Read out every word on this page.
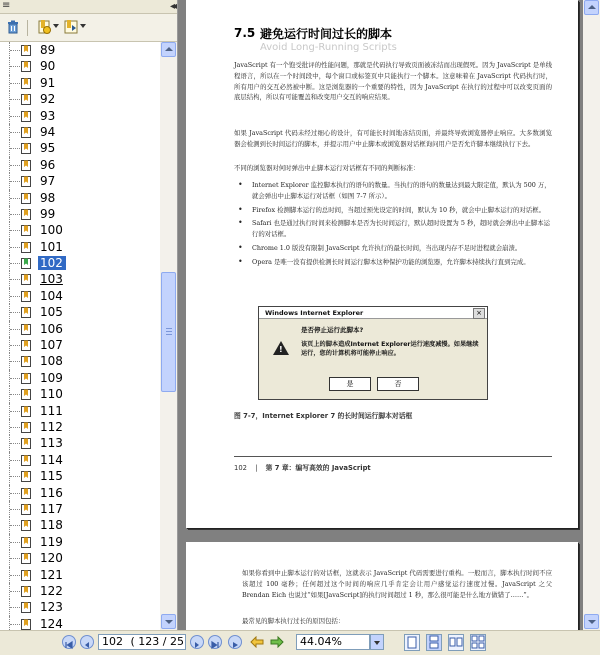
≡	◂◂
89
90
91
92
93
94
95
96
97
98
99
100
101
102
103
104
105
106
107
108
109
110
111
112
113
114
115
116
117
118
119
120
121
122
123
124
7.5 避免运行时间过长的脚本
Avoid Long-Running Scripts
JavaScript 有一个饱受批评的性能问题，那就是代码执行导致页面被冻结而出现假死。因为 JavaScript 是单线程语言，所以在一个时间段中，每个窗口或标签页中只能执行一个脚本。这意味着在 JavaScript 代码执行时，所有用户的交互必然被中断。这是浏览器的一个重要的特性，因为 JavaScript 在执行的过程中可以改变页面的底层结构，所以有可能覆盖和改变用户交互的响应结果。
如果 JavaScript 代码未经过细心的设计，有可能长时间地冻结页面，并最终导致浏览器停止响应。大多数浏览器会检测到长时间运行的脚本，并提示用户中止脚本或浏览器对话框询问用户是否允许脚本继续执行下去。
不同的浏览器对何时弹出中止脚本运行对话框有不同的判断标准：
• Internet Explorer 监控脚本执行的语句的数量。当执行的语句的数量达到最大限定值，默认为 500 万，就会弹出中止脚本运行对话框（如图 7-7 所示）。
• Firefox 检测脚本运行的总时间，当超过预先设定的时间，默认为 10 秒，就会中止脚本运行的对话框。
• Safari 也是通过执行时间来检测脚本是否为长时间运行，默认超时设置为 5 秒，超时就会弹出中止脚本运行的对话框。
• Chrome 1.0 版没有限制 JavaScript 允许执行的最长时间，当出现内存不足时进程就会崩溃。
• Opera 是唯一没有提供检测长时间运行脚本这种保护功能的浏览器，允许脚本持续执行直到完成。
Windows Internet Explorer	×
!
是否停止运行此脚本?
该页上的脚本造成Internet Explorer运行速度减慢。如果继续运行，您的计算机将可能停止响应。
是	否
图 7-7，Internet Explorer 7 的长时间运行脚本对话框
102 | 第 7 章：编写高效的 JavaScript
如果你看到中止脚本运行的对话框，这就表示 JavaScript 代码需要进行重构。一般而言，脚本执行时间不应该超过 100 毫秒；任何超过这个时间的响应几乎肯定会让用户感觉运行速度过慢。JavaScript 之父 Brendan Eich 也说过“如果[JavaScript]的执行时间超过 1 秒，那么很可能是什么地方做错了……”。
最常见的脚本执行过长的原因包括：
102 ( 123 / 25	44.04%
